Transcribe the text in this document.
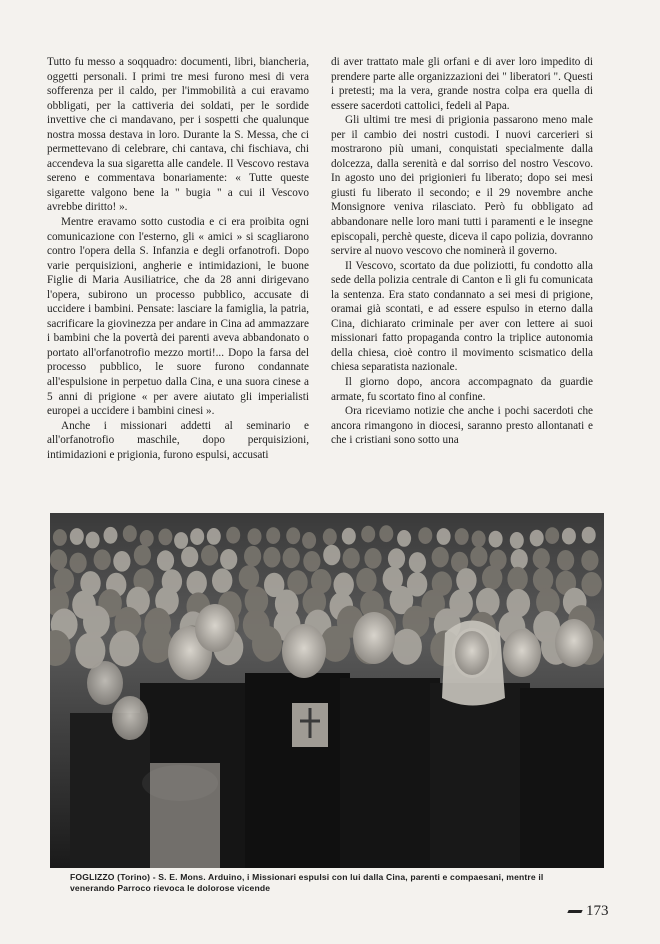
Tutto fu messo a soqquadro: documenti, libri, biancheria, oggetti personali. I primi tre mesi furono mesi di vera sofferenza per il caldo, per l'immobilità a cui eravamo obbligati, per la cattiveria dei soldati, per le sordide invettive che ci mandavano, per i sospetti che qualunque nostra mossa destava in loro. Durante la S. Messa, che ci permettevano di celebrare, chi cantava, chi fischiava, chi accendeva la sua sigaretta alle candele. Il Vescovo restava sereno e commentava bonariamente: « Tutte queste sigarette valgono bene la " bugia " a cui il Vescovo avrebbe diritto! ».

Mentre eravamo sotto custodia e ci era proibita ogni comunicazione con l'esterno, gli « amici » si scagliarono contro l'opera della S. Infanzia e degli orfanotrofi. Dopo varie perquisizioni, angherie e intimidazioni, le buone Figlie di Maria Ausiliatrice, che da 28 anni dirigevano l'opera, subirono un processo pubblico, accusate di uccidere i bambini. Pensate: lasciare la famiglia, la patria, sacrificare la giovinezza per andare in Cina ad ammazzare i bambini che la povertà dei parenti aveva abbandonato o portato all'orfanotrofio mezzo morti!... Dopo la farsa del processo pubblico, le suore furono condannate all'espulsione in perpetuo dalla Cina, e una suora cinese a 5 anni di prigione « per avere aiutato gli imperialisti europei a uccidere i bambini cinesi ».

Anche i missionari addetti al seminario e all'orfanotrofio maschile, dopo perquisizioni, intimidazioni e prigionia, furono espulsi, accusati

di aver trattato male gli orfani e di aver loro impedito di prendere parte alle organizzazioni dei " liberatori ". Questi i pretesti; ma la vera, grande nostra colpa era quella di essere sacerdoti cattolici, fedeli al Papa.

Gli ultimi tre mesi di prigionia passarono meno male per il cambio dei nostri custodi. I nuovi carcerieri si mostrarono più umani, conquistati specialmente dalla dolcezza, dalla serenità e dal sorriso del nostro Vescovo. In agosto uno dei prigionieri fu liberato; dopo sei mesi giusti fu liberato il secondo; e il 29 novembre anche Monsignore veniva rilasciato. Però fu obbligato ad abbandonare nelle loro mani tutti i paramenti e le insegne episcopali, perchè queste, diceva il capo polizia, dovranno servire al nuovo vescovo che nominerà il governo.

Il Vescovo, scortato da due poliziotti, fu condotto alla sede della polizia centrale di Canton e lì gli fu comunicata la sentenza. Era stato condannato a sei mesi di prigione, oramai già scontati, e ad essere espulso in eterno dalla Cina, dichiarato criminale per aver con lettere ai suoi missionari fatto propaganda contro la triplice autonomia della chiesa, cioè contro il movimento scismatico della chiesa separatista nazionale.

Il giorno dopo, ancora accompagnato da guardie armate, fu scortato fino al confine.

Ora riceviamo notizie che anche i pochi sacerdoti che ancora rimangono in diocesi, saranno presto allontanati e che i cristiani sono sotto una

FOGLIZZO (Torino) - S. E. Mons. Arduino, i Missionari espulsi con lui dalla Cina, parenti e compaesani, mentre il venerando Parroco rievoca le dolorose vicende
173
